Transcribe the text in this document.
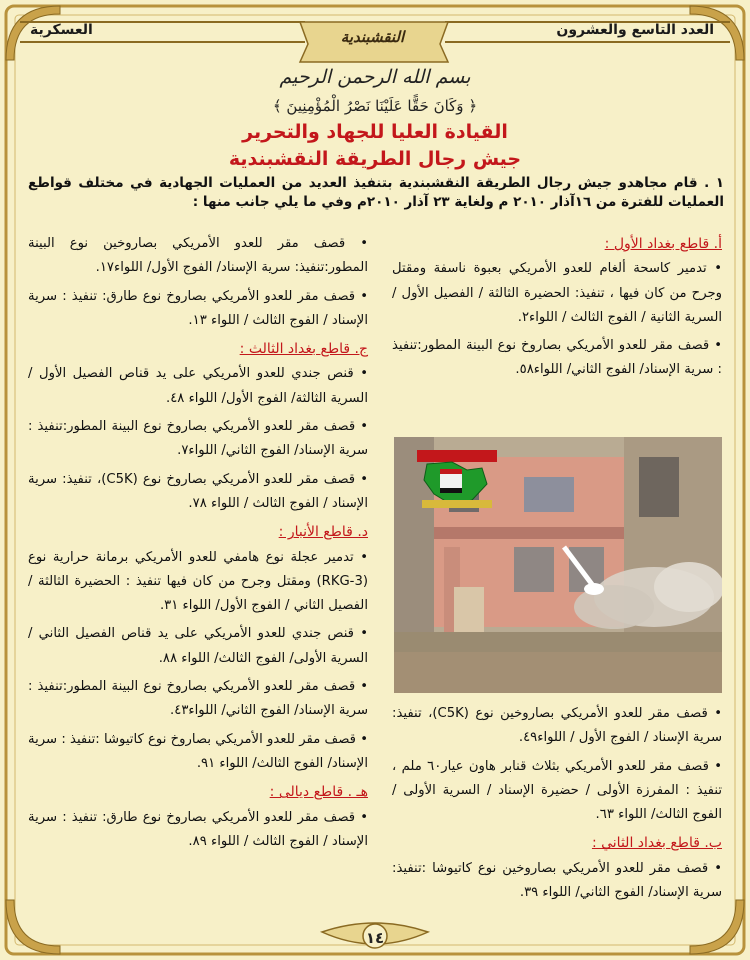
العسكرية	العدد التاسع والعشرون
النقشبندية
بسم الله الرحمن الرحيم
﴿ وَكَانَ حَقًّا عَلَيْنَا نَصْرُ الْمُؤْمِنِينَ ﴾
القيادة العليا للجهاد والتحرير
جيش رجال الطريقة النقشبندية
١ . قام مجاهدو جيش رجال الطريقة النقشبندية بتنفيذ العديد من العمليات الجهادية في مختلف قواطع العمليات للفترة من ١٦آذار ٢٠١٠ م ولغاية ٢٣ آذار ٢٠١٠م وفي ما يلي جانب منها :
أ. قاطع بغداد الأول :
• تدمير كاسحة ألغام للعدو الأمريكي بعبوة ناسفة ومقتل وجرح من كان فيها ، تنفيذ: الحضيرة الثالثة / الفصيل الأول / السرية الثانية / الفوج الثالث / اللواء٢.
• قصف مقر للعدو الأمريكي بصاروخ نوع البينة المطور:تنفيذ : سرية الإسناد/ الفوج الثاني/ اللواء٥٨.
• قصف مقر للعدو الأمريكي بصاروخين نوع (C5K)، تنفيذ: سرية الإسناد / الفوج الأول / اللواء٤٩.
• قصف مقر للعدو الأمريكي بثلاث قنابر هاون عيار٦٠ ملم ، تنفيذ : المفرزة الأولى / حضيرة الإسناد / السرية الأولى / الفوج الثالث/ اللواء ٦٣.
ب. قاطع بغداد الثاني :
• قصف مقر للعدو الأمريكي بصاروخين نوع كاتيوشا :تنفيذ: سرية الإسناد/ الفوج الثاني/ اللواء ٣٩.
• قصف مقر للعدو الأمريكي بصاروخين نوع البينة المطور:تنفيذ: سرية الإسناد/ الفوج الأول/ اللواء١٧.
• قصف مقر للعدو الأمريكي بصاروخ نوع طارق: تنفيذ : سرية الإسناد / الفوج الثالث / اللواء ١٣.
ج. قاطع بغداد الثالث :
• قنص جندي للعدو الأمريكي على يد قناص الفصيل الأول / السرية الثالثة/ الفوج الأول/ اللواء ٤٨.
• قصف مقر للعدو الأمريكي بصاروخ نوع البينة المطور:تنفيذ : سرية الإسناد/ الفوج الثاني/ اللواء٧.
• قصف مقر للعدو الأمريكي بصاروخ نوع (C5K)، تنفيذ: سرية الإسناد / الفوج الثالث / اللواء ٧٨.
د. قاطع الأنبار :
• تدمير عجلة نوع هامفي للعدو الأمريكي برمانة حرارية نوع (RKG-3) ومقتل وجرح من كان فيها تنفيذ : الحضيرة الثالثة / الفصيل الثاني / الفوج الأول/ اللواء ٣١.
• قنص جندي للعدو الأمريكي على يد قناص الفصيل الثاني / السرية الأولى/ الفوج الثالث/ اللواء ٨٨.
• قصف مقر للعدو الأمريكي بصاروخ نوع البينة المطور:تنفيذ : سرية الإسناد/ الفوج الثاني/ اللواء٤٣.
• قصف مقر للعدو الأمريكي بصاروخ نوع كاتيوشا :تنفيذ : سرية الإسناد/ الفوج الثالث/ اللواء ٩١.
هـ . قاطع ديالى :
• قصف مقر للعدو الأمريكي بصاروخ نوع طارق: تنفيذ : سرية الإسناد / الفوج الثالث / اللواء ٨٩.
١٤
